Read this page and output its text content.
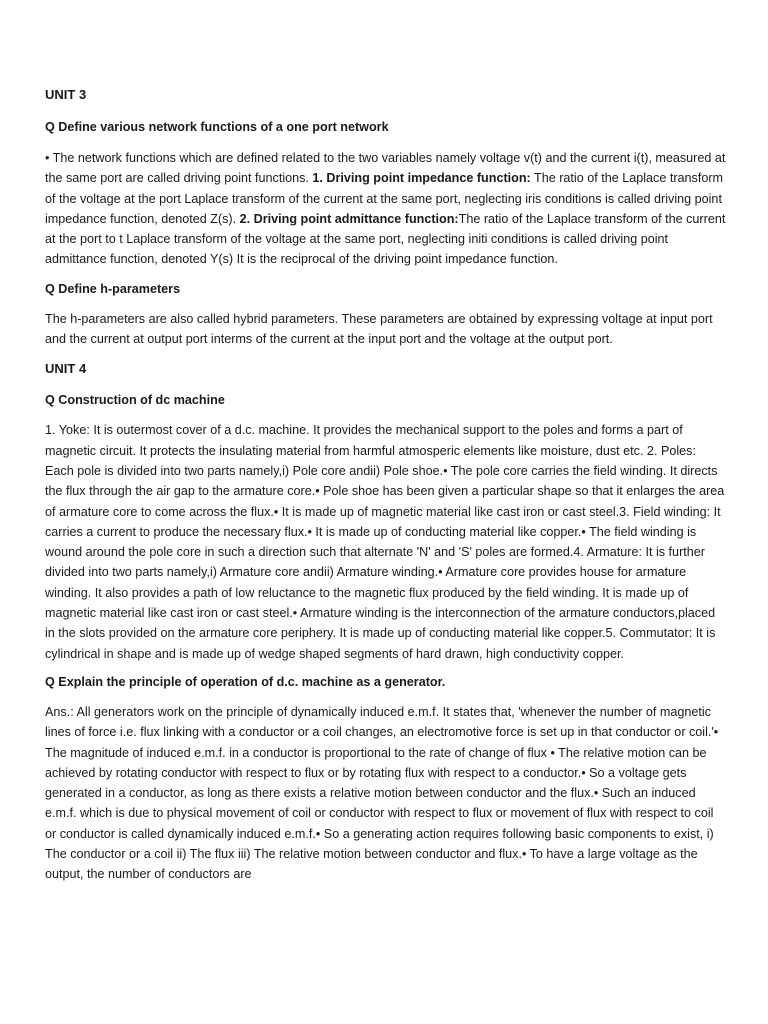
UNIT 3
Q Define various network functions of a one port network

• The network functions which are defined related to the two variables namely voltage v(t) and the current i(t), measured at the same port are called driving point functions. 1. Driving point impedance function: The ratio of the Laplace transform of the voltage at the port Laplace transform of the current at the same port, neglecting iris conditions is called driving point impedance function, denoted Z(s). 2. Driving point admittance function:The ratio of the Laplace transform of the current at the port to t Laplace transform of the voltage at the same port, neglecting initi conditions is called driving point admittance function, denoted Y(s) It is the reciprocal of the driving point impedance function.

Q Define h-parameters

The h-parameters are also called hybrid parameters. These parameters are obtained by expressing voltage at input port and the current at output port interms of the current at the input port and the voltage at the output port.

UNIT 4
Q Construction of dc machine

1. Yoke: It is outermost cover of a d.c. machine. It provides the mechanical support to the poles and forms a part of magnetic circuit. It protects the insulating material from harmful atmosperic elements like moisture, dust etc. 2. Poles: Each pole is divided into two parts namely,i) Pole core andii) Pole shoe.• The pole core carries the field winding. It directs the flux through the air gap to the armature core.• Pole shoe has been given a particular shape so that it enlarges the area of armature core to come across the flux.• It is made up of magnetic material like cast iron or cast steel.3. Field winding: It carries a current to produce the necessary flux.• It is made up of conducting material like copper.• The field winding is wound around the pole core in such a direction such that alternate 'N' and 'S' poles are formed.4. Armature: It is further divided into two parts namely,i) Armature core andii) Armature winding.• Armature core provides house for armature winding. It also provides a path of low reluctance to the magnetic flux produced by the field winding. It is made up of magnetic material like cast iron or cast steel.• Armature winding is the interconnection of the armature conductors,placed in the slots provided on the armature core periphery. It is made up of conducting material like copper.5. Commutator: It is cylindrical in shape and is made up of wedge shaped segments of hard drawn, high conductivity copper.

Q Explain the principle of operation of d.c. machine as a generator.

Ans.: All generators work on the principle of dynamically induced e.m.f. It states that, 'whenever the number of magnetic lines of force i.e. flux linking with a conductor or a coil changes, an electromotive force is set up in that conductor or coil.'• The magnitude of induced e.m.f. in a conductor is proportional to the rate of change of flux • The relative motion can be achieved by rotating conductor with respect to flux or by rotating flux with respect to a conductor.• So a voltage gets generated in a conductor, as long as there exists a relative motion between conductor and the flux.• Such an induced e.m.f. which is due to physical movement of coil or conductor with respect to flux or movement of flux with respect to coil or conductor is called dynamically induced e.m.f.• So a generating action requires following basic components to exist, i) The conductor or a coil ii) The flux iii) The relative motion between conductor and flux.• To have a large voltage as the output, the number of conductors are
